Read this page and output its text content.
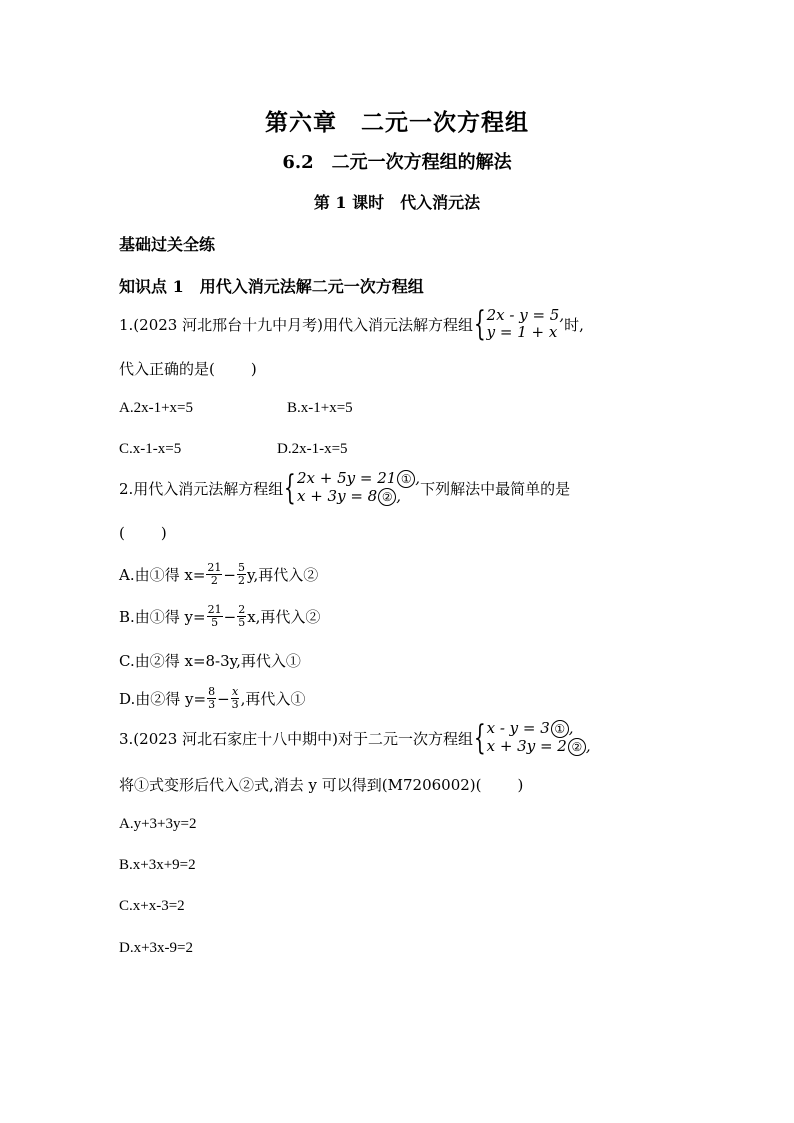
第六章　二元一次方程组
6.2　二元一次方程组的解法
第 1 课时　代入消元法
基础过关全练
知识点 1　用代入消元法解二元一次方程组
1.(2023 河北邢台十九中月考)用代入消元法解方程组 { 2x - y = 5,
y = 1 + x 时,
代入正确的是( )
A.2x-1+x=5	B.x-1+x=5
C.x-1-x=5	D.2x-1-x=5
2.用代入消元法解方程组 { 2x + 5y = 21 ① ,
x + 3y = 8 ② ,	下列解法中最简单的是
( )
A.由①得 $x= \frac{21}{2} - \frac{5}{2} y$,再代入②
B.由①得 $y= \frac{21}{5} - \frac{2}{5} x$,再代入②
C.由②得 x=8-3y,再代入①
D.由②得 $y= \frac{8}{3} - \frac{x}{3}$ ,再代入①
3.(2023 河北石家庄十八中期中)对于二元一次方程组 { x - y = 3 ① ,
x + 3y = 2 ② ,
将①式变形后代入②式,消去 y 可以得到(M7206002)( )
A.y+3+3y=2
B.x+3x+9=2
C.x+x-3=2
D.x+3x-9=2
